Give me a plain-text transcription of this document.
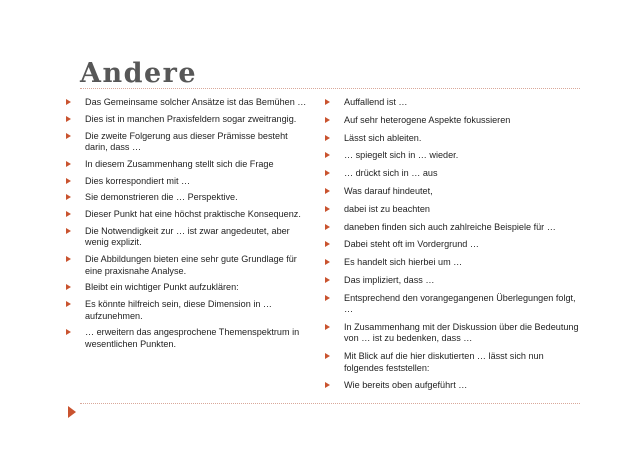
Andere
Das Gemeinsame solcher Ansätze ist das Bemühen …
Dies ist in manchen Praxisfeldern sogar zweitrangig.
Die zweite Folgerung aus dieser Prämisse besteht darin, dass …
In diesem Zusammenhang stellt sich die Frage
Dies korrespondiert mit …
Sie demonstrieren die … Perspektive.
Dieser Punkt hat eine höchst praktische Konsequenz.
Die Notwendigkeit zur … ist zwar angedeutet, aber wenig explizit.
Die Abbildungen bieten eine sehr gute Grundlage für eine praxisnahe Analyse.
Bleibt ein wichtiger Punkt aufzuklären:
Es könnte hilfreich sein, diese Dimension in … aufzunehmen.
… erweitern das angesprochene Themenspektrum in wesentlichen Punkten.
Auffallend ist …
Auf sehr heterogene Aspekte fokussieren
Lässt sich ableiten.
… spiegelt sich in … wieder.
… drückt sich in … aus
Was darauf hindeutet,
dabei ist zu beachten
daneben finden sich auch zahlreiche Beispiele für …
Dabei steht oft im Vordergrund …
Es handelt sich hierbei um …
Das impliziert, dass …
Entsprechend den vorangegangenen Überlegungen folgt, …
In Zusammenhang mit der Diskussion über die Bedeutung von … ist zu bedenken, dass …
Mit Blick auf die hier diskutierten … lässt sich nun folgendes feststellen:
Wie bereits oben aufgeführt …
